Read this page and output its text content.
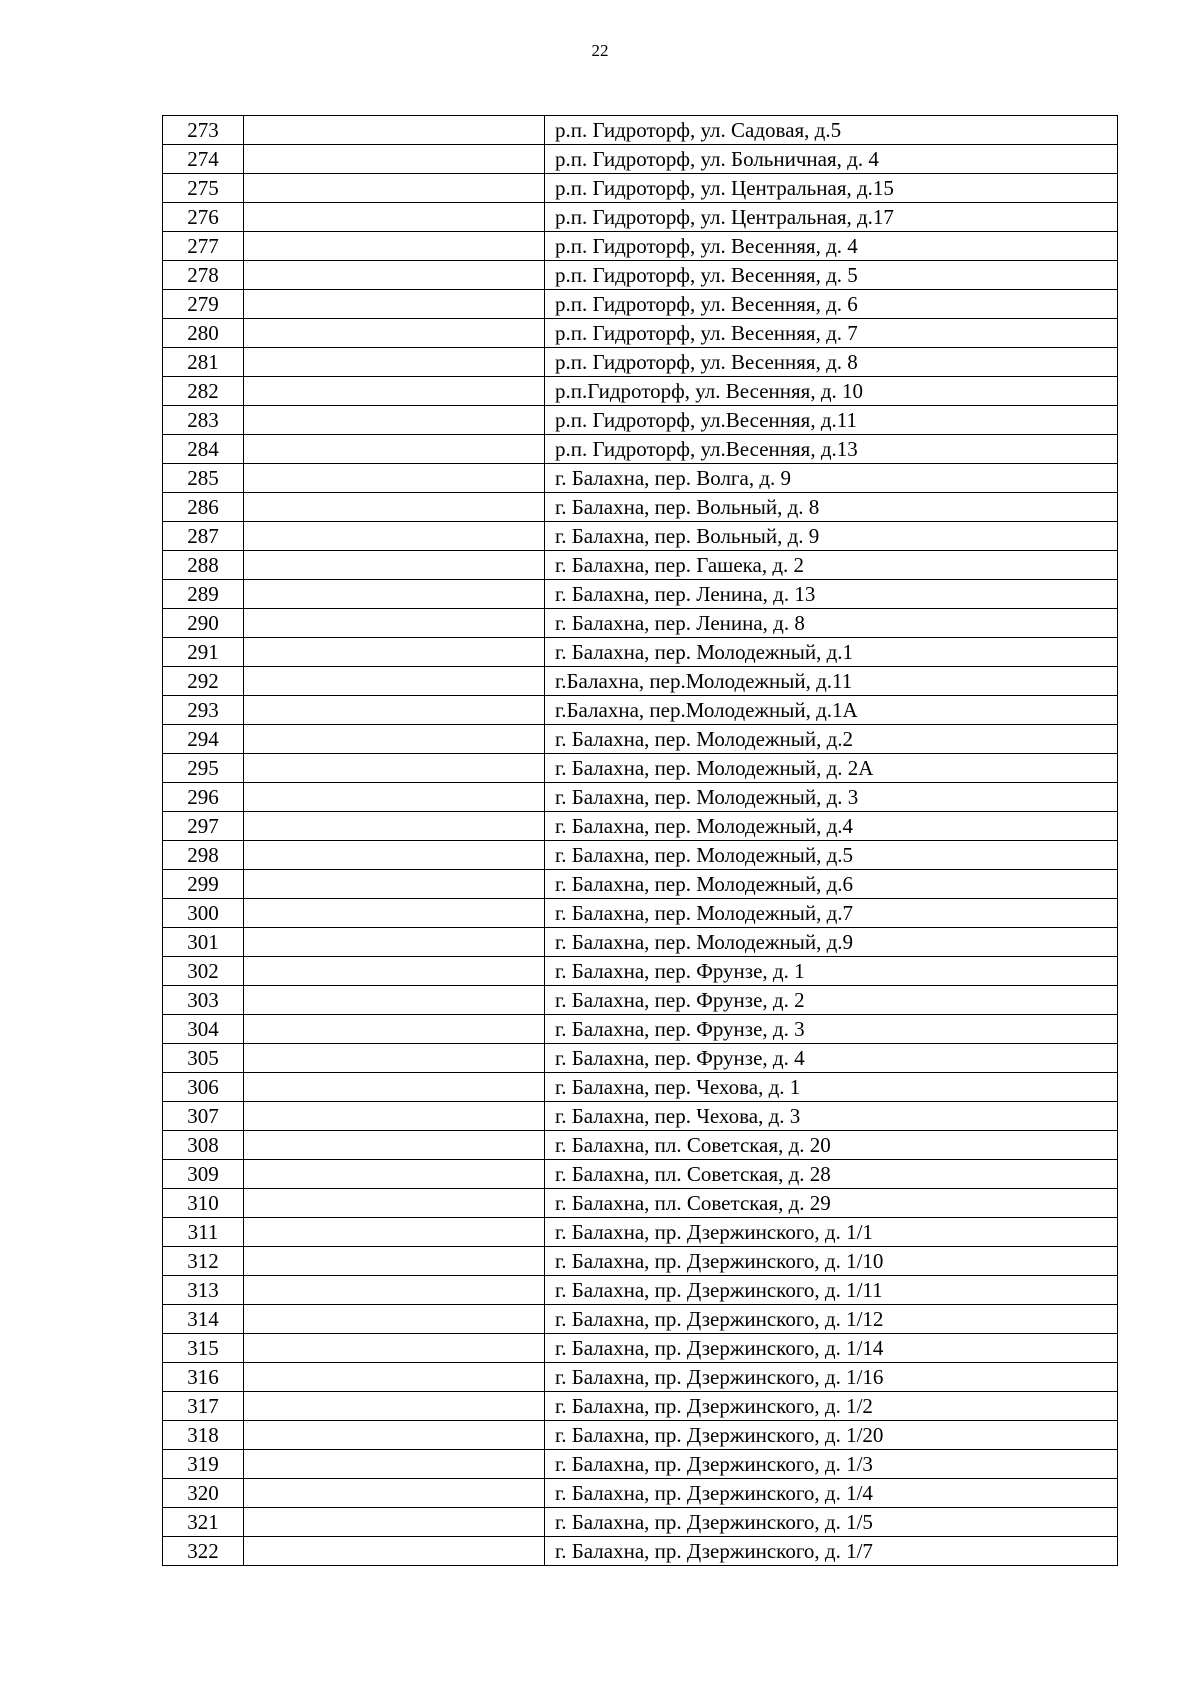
22
273		р.п. Гидроторф, ул. Садовая, д.5
274		р.п. Гидроторф, ул. Больничная, д. 4
275		р.п. Гидроторф, ул. Центральная, д.15
276		р.п. Гидроторф, ул. Центральная, д.17
277		р.п. Гидроторф, ул. Весенняя, д. 4
278		р.п. Гидроторф, ул. Весенняя, д. 5
279		р.п. Гидроторф, ул. Весенняя, д. 6
280		р.п. Гидроторф, ул. Весенняя, д. 7
281		р.п. Гидроторф, ул. Весенняя, д. 8
282		р.п.Гидроторф, ул. Весенняя, д. 10
283		р.п. Гидроторф, ул.Весенняя, д.11
284		р.п. Гидроторф, ул.Весенняя, д.13
285		г. Балахна, пер. Волга, д. 9
286		г. Балахна, пер. Вольный, д. 8
287		г. Балахна, пер. Вольный, д. 9
288		г. Балахна, пер. Гашека, д. 2
289		г. Балахна, пер. Ленина, д. 13
290		г. Балахна, пер. Ленина, д. 8
291		г. Балахна, пер. Молодежный, д.1
292		г.Балахна, пер.Молодежный, д.11
293		г.Балахна, пер.Молодежный, д.1А
294		г. Балахна, пер. Молодежный, д.2
295		г. Балахна, пер. Молодежный, д. 2А
296		г. Балахна, пер. Молодежный, д. 3
297		г. Балахна, пер. Молодежный, д.4
298		г. Балахна, пер. Молодежный, д.5
299		г. Балахна, пер. Молодежный, д.6
300		г. Балахна, пер. Молодежный, д.7
301		г. Балахна, пер. Молодежный, д.9
302		г. Балахна, пер. Фрунзе, д. 1
303		г. Балахна, пер. Фрунзе, д. 2
304		г. Балахна, пер. Фрунзе, д. 3
305		г. Балахна, пер. Фрунзе, д. 4
306		г. Балахна, пер. Чехова, д. 1
307		г. Балахна, пер. Чехова, д. 3
308		г. Балахна, пл. Советская, д. 20
309		г. Балахна, пл. Советская, д. 28
310		г. Балахна, пл. Советская, д. 29
311		г. Балахна, пр. Дзержинского, д. 1/1
312		г. Балахна, пр. Дзержинского, д. 1/10
313		г. Балахна, пр. Дзержинского, д. 1/11
314		г. Балахна, пр. Дзержинского, д. 1/12
315		г. Балахна, пр. Дзержинского, д. 1/14
316		г. Балахна, пр. Дзержинского, д. 1/16
317		г. Балахна, пр. Дзержинского, д. 1/2
318		г. Балахна, пр. Дзержинского, д. 1/20
319		г. Балахна, пр. Дзержинского, д. 1/3
320		г. Балахна, пр. Дзержинского, д. 1/4
321		г. Балахна, пр. Дзержинского, д. 1/5
322		г. Балахна, пр. Дзержинского, д. 1/7
